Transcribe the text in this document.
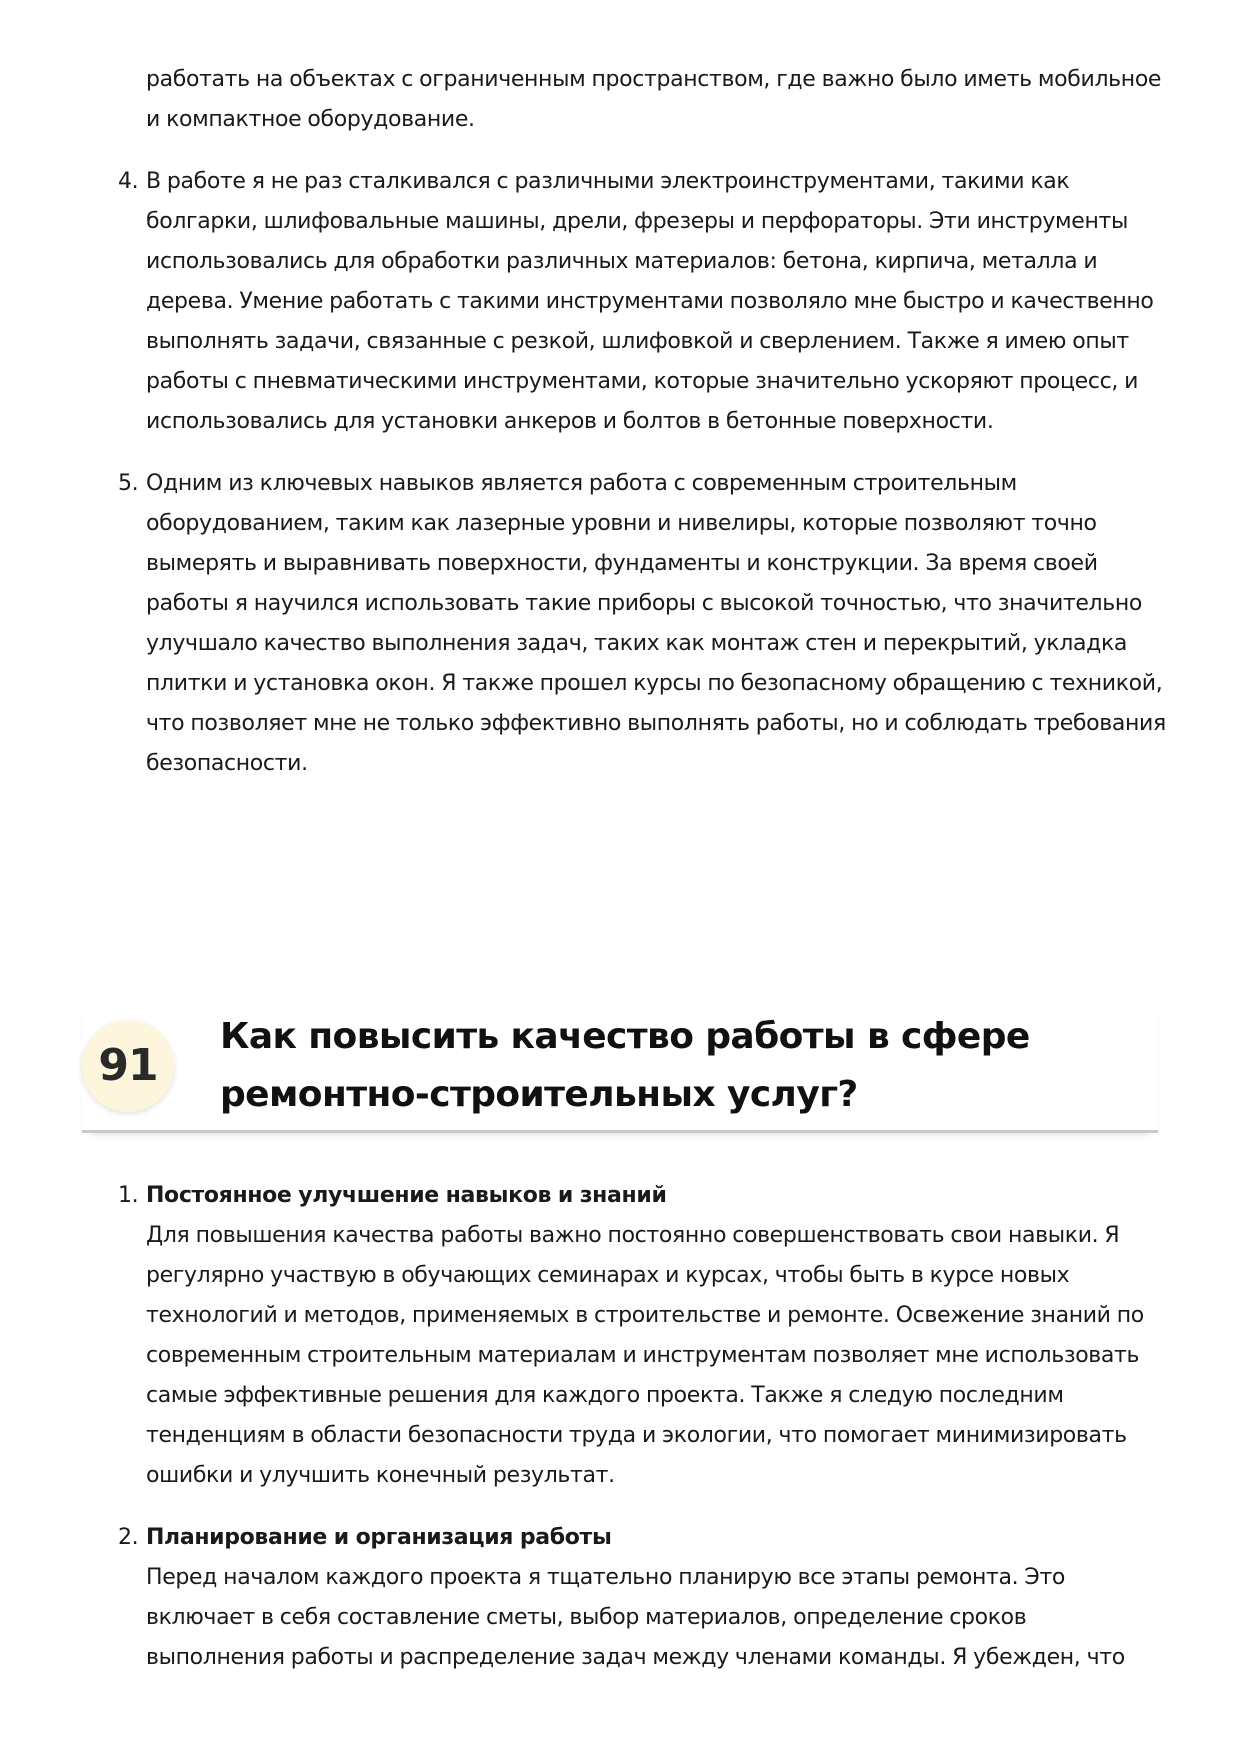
работать на объектах с ограниченным пространством, где важно было иметь мобильное и компактное оборудование.
4. В работе я не раз сталкивался с различными электроинструментами, такими как болгарки, шлифовальные машины, дрели, фрезеры и перфораторы. Эти инструменты использовались для обработки различных материалов: бетона, кирпича, металла и дерева. Умение работать с такими инструментами позволяло мне быстро и качественно выполнять задачи, связанные с резкой, шлифовкой и сверлением. Также я имею опыт работы с пневматическими инструментами, которые значительно ускоряют процесс, и использовались для установки анкеров и болтов в бетонные поверхности.
5. Одним из ключевых навыков является работа с современным строительным оборудованием, таким как лазерные уровни и нивелиры, которые позволяют точно вымерять и выравнивать поверхности, фундаменты и конструкции. За время своей работы я научился использовать такие приборы с высокой точностью, что значительно улучшало качество выполнения задач, таких как монтаж стен и перекрытий, укладка плитки и установка окон. Я также прошел курсы по безопасному обращению с техникой, что позволяет мне не только эффективно выполнять работы, но и соблюдать требования безопасности.
91
Как повысить качество работы в сфере ремонтно-строительных услуг?
1. Постоянное улучшение навыков и знаний
Для повышения качества работы важно постоянно совершенствовать свои навыки. Я регулярно участвую в обучающих семинарах и курсах, чтобы быть в курсе новых технологий и методов, применяемых в строительстве и ремонте. Освежение знаний по современным строительным материалам и инструментам позволяет мне использовать самые эффективные решения для каждого проекта. Также я следую последним тенденциям в области безопасности труда и экологии, что помогает минимизировать ошибки и улучшить конечный результат.
2. Планирование и организация работы
Перед началом каждого проекта я тщательно планирую все этапы ремонта. Это включает в себя составление сметы, выбор материалов, определение сроков выполнения работы и распределение задач между членами команды. Я убежден, что
